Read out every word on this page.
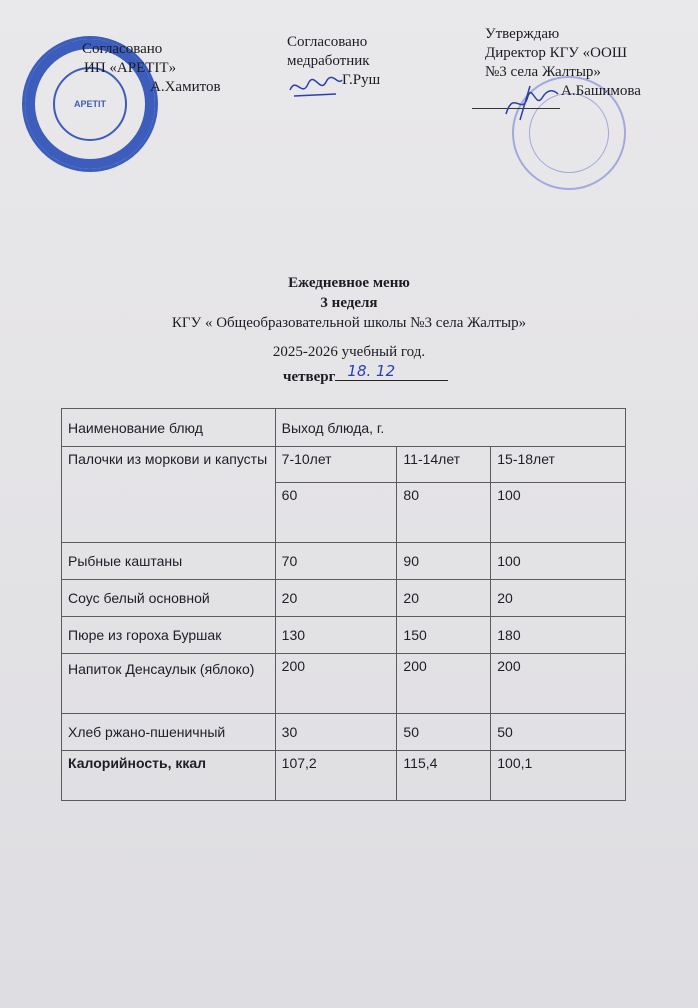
APETIT
Согласовано
ИП «APETIT»
А.Хамитов
Согласовано
медработник
Г.Руш
Утверждаю
Директор КГУ «ООШ
№3 села Жалтыр»
А.Башимова
Ежедневное меню
3 неделя
КГУ « Общеобразовательной школы №3 села Жалтыр»
2025-2026 учебный год.
четверг 18. 12
Наименование блюд	Выход блюда, г.		
Палочки из моркови и капусты	7-10лет	11-14лет	15-18лет
	60	80	100
Рыбные каштаны	70	90	100
Соус белый основной	20	20	20
Пюре из гороха Буршак	130	150	180
Напиток Денсаулык (яблоко)	200	200	200
Хлеб ржано-пшеничный	30	50	50
Калорийность, ккал	107,2	115,4	100,1
